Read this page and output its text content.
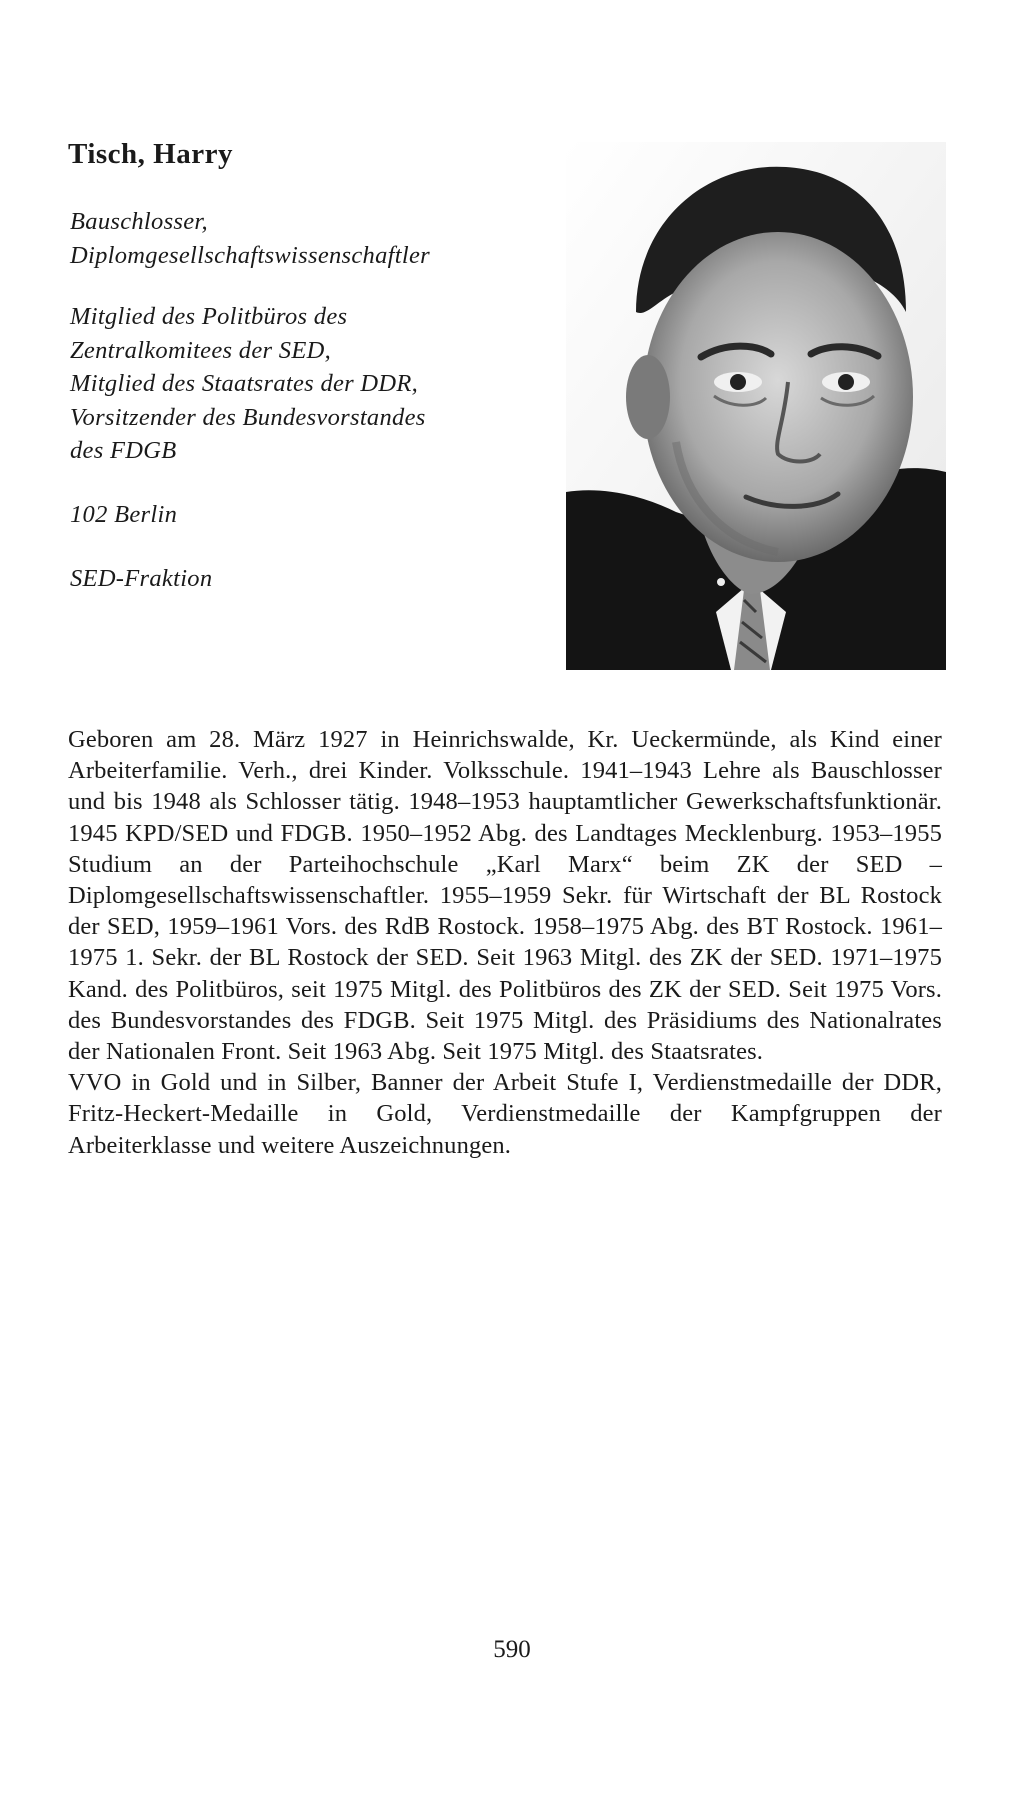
Tisch, Harry
Bauschlosser,
Diplomgesellschaftswissenschaftler
Mitglied des Politbüros des
Zentralkomitees der SED,
Mitglied des Staatsrates der DDR,
Vorsitzender des Bundesvorstandes
des FDGB
102 Berlin
SED-Fraktion

Geboren am 28. März 1927 in Heinrichswalde, Kr. Ueckermünde, als Kind einer Arbeiterfamilie. Verh., drei Kinder. Volksschule. 1941–1943 Lehre als Bauschlosser und bis 1948 als Schlosser tätig. 1948–1953 hauptamtlicher Gewerkschaftsfunktionär. 1945 KPD/SED und FDGB. 1950–1952 Abg. des Landtages Mecklenburg. 1953–1955 Studium an der Parteihochschule „Karl Marx“ beim ZK der SED – Diplomgesellschaftswissenschaftler. 1955–1959 Sekr. für Wirtschaft der BL Rostock der SED, 1959–1961 Vors. des RdB Rostock. 1958–1975 Abg. des BT Rostock. 1961–1975 1. Sekr. der BL Rostock der SED. Seit 1963 Mitgl. des ZK der SED. 1971–1975 Kand. des Politbüros, seit 1975 Mitgl. des Politbüros des ZK der SED. Seit 1975 Vors. des Bundesvorstandes des FDGB. Seit 1975 Mitgl. des Präsidiums des Nationalrates der Nationalen Front. Seit 1963 Abg. Seit 1975 Mitgl. des Staatsrates.

VVO in Gold und in Silber, Banner der Arbeit Stufe I, Verdienstmedaille der DDR, Fritz-Heckert-Medaille in Gold, Verdienstmedaille der Kampfgruppen der Arbeiterklasse und weitere Auszeichnungen.

590
